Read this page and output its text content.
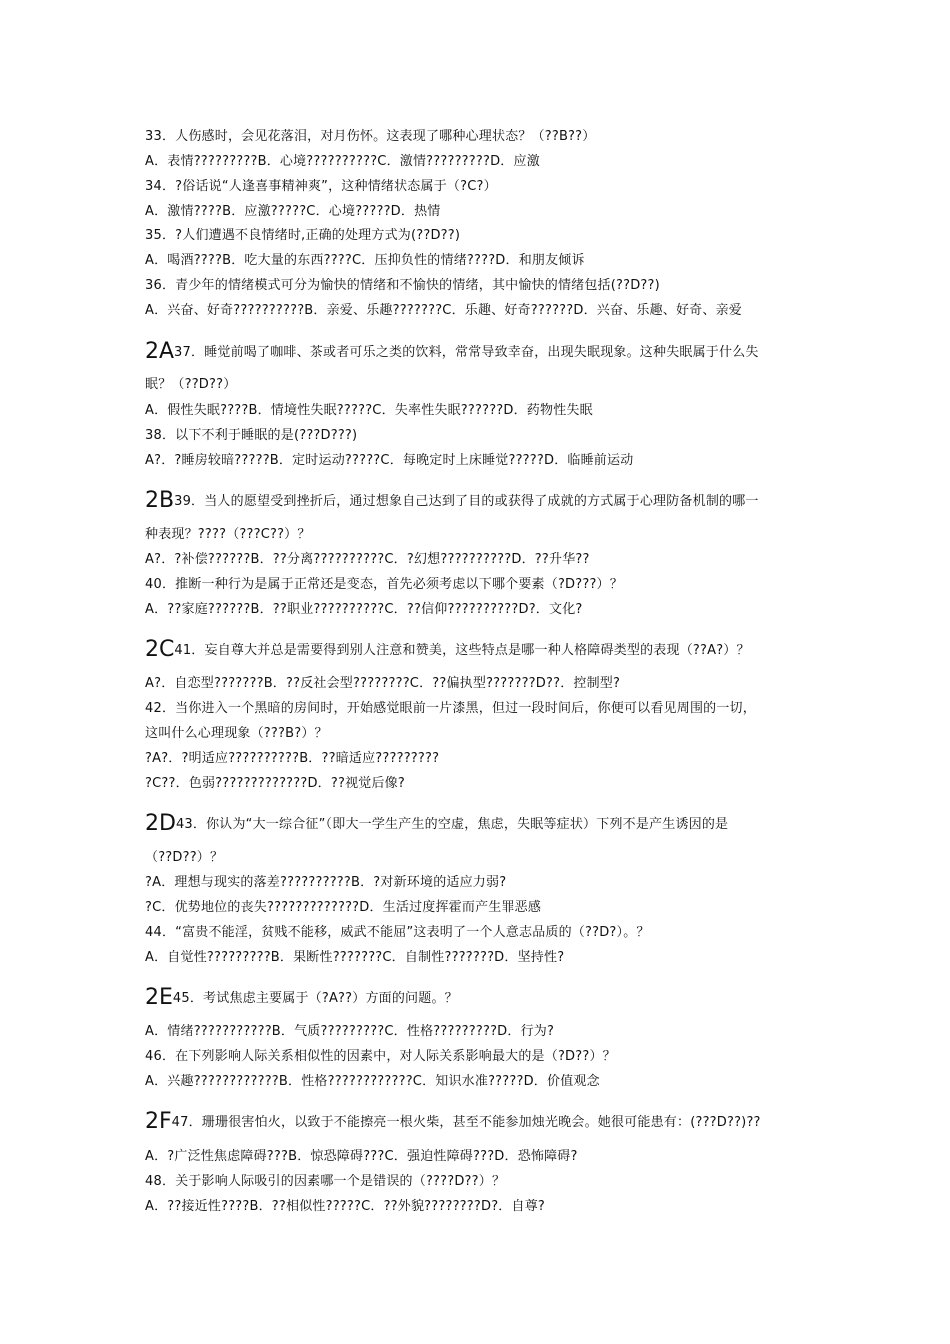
33．人伤感时，会见花落泪，对月伤怀。这表现了哪种心理状态？（??B??）
A．表情?????????B．心境??????????C．激情?????????D．应激
34．?俗话说“人逢喜事精神爽”，这种情绪状态属于（?C?）
A．激情????B．应激?????C．心境?????D．热情
35．?人们遭遇不良情绪时,正确的处理方式为(??D??)
A．喝酒????B．吃大量的东西????C．压抑负性的情绪????D．和朋友倾诉
36．青少年的情绪模式可分为愉快的情绪和不愉快的情绪，其中愉快的情绪包括(??D??)
A．兴奋、好奇??????????B．亲爱、乐趣???????C．乐趣、好奇??????D．兴奋、乐趣、好奇、亲爱
2A37．睡觉前喝了咖啡、茶或者可乐之类的饮料，常常导致幸奋，出现失眠现象。这种失眠属于什么失
眠？（??D??）
A．假性失眠????B．情境性失眠?????C．失率性失眠??????D．药物性失眠
38．以下不利于睡眠的是(???D???)
A?．?睡房较暗?????B．定时运动?????C．每晚定时上床睡觉?????D．临睡前运动
2B39．当人的愿望受到挫折后，通过想象自己达到了目的或获得了成就的方式属于心理防备机制的哪一
种表现？????（???C??）？
A?．?补偿??????B．??分离??????????C．?幻想??????????D．??升华??
40．推断一种行为是属于正常还是变态，首先必须考虑以下哪个要素（?D???）？
A．??家庭??????B．??职业??????????C．??信仰??????????D?．文化?
2C41．妄自尊大并总是需要得到别人注意和赞美，这些特点是哪一种人格障碍类型的表现（??A?）？
A?．自恋型???????B．??反社会型????????C．??偏执型???????D??．控制型?
42．当你进入一个黑暗的房间时，开始感觉眼前一片漆黑，但过一段时间后，你便可以看见周围的一切，
这叫什么心理现象（???B?）？
?A?．?明适应??????????B．??暗适应?????????
?C??．色弱?????????????D．??视觉后像?
2D43．你认为“大一综合征”（即大一学生产生的空虚，焦虑，失眠等症状）下列不是产生诱因的是
（??D??）？
?A．理想与现实的落差??????????B．?对新环境的适应力弱?
?C．优势地位的丧失?????????????D．生活过度挥霍而产生罪恶感
44．“富贵不能淫，贫贱不能移，威武不能屈”这表明了一个人意志品质的（??D?）。？
A．自觉性?????????B．果断性???????C．自制性???????D．坚持性?
2E45．考试焦虑主要属于（?A??）方面的问题。？
A．情绪???????????B．气质?????????C．性格?????????D．行为?
46．在下列影响人际关系相似性的因素中，对人际关系影响最大的是（?D??）？
A．兴趣????????????B．性格????????????C．知识水准?????D．价值观念
2F47．珊珊很害怕火，以致于不能擦亮一根火柴，甚至不能参加烛光晚会。她很可能患有：(???D??)??
A．?广泛性焦虑障碍???B．惊恐障碍???C．强迫性障碍???D．恐怖障碍?
48．关于影响人际吸引的因素哪一个是错误的（????D??）？
A．??接近性????B．??相似性?????C．??外貌????????D?．自尊?
